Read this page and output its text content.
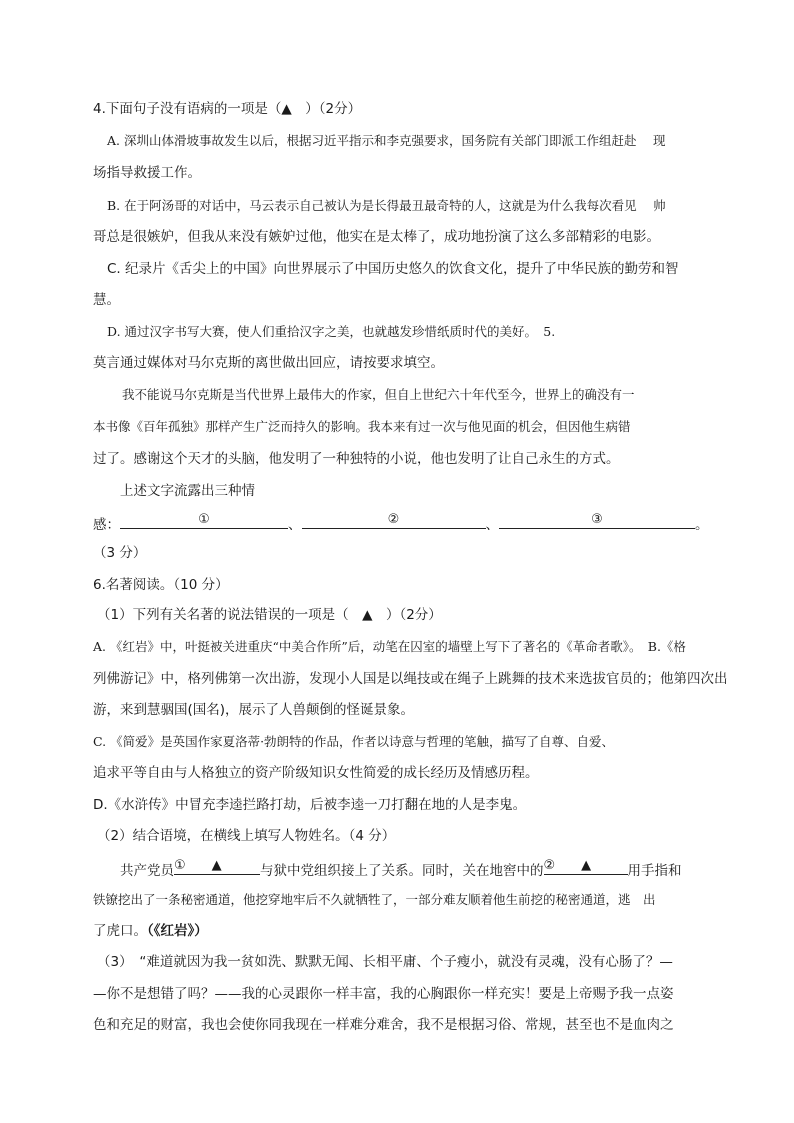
4.下面句子没有语病的一项是（▲　）（2分）
A. 深圳山体滑坡事故发生以后，根据习近平指示和李克强要求，国务院有关部门即派工作组赶赴　 现
场指导救援工作。
B. 在于阿汤哥的对话中，马云表示自己被认为是长得最丑最奇特的人，这就是为什么我每次看见　 帅
哥总是很嫉妒，但我从来没有嫉妒过他，他实在是太棒了，成功地扮演了这么多部精彩的电影。
C. 纪录片《舌尖上的中国》向世界展示了中国历史悠久的饮食文化，提升了中华民族的勤劳和智
慧。
D. 通过汉字书写大赛，使人们重拾汉字之美，也就越发珍惜纸质时代的美好。　5.
莫言通过媒体对马尔克斯的离世做出回应，请按要求填空。
我不能说马尔克斯是当代世界上最伟大的作家，但自上世纪六十年代至今，世界上的确没有一
本书像《百年孤独》那样产生广泛而持久的影响。我本来有过一次与他见面的机会，但因他生病错
过了。感谢这个天才的头脑，他发明了一种独特的小说，他也发明了让自己永生的方式。
上述文字流露出三种情
感：	①	、	②	、	③	。
（3 分）
6.名著阅读。（10 分）
（1）下列有关名著的说法错误的一项是（　▲　）（2分）
A. 《红岩》中，叶挺被关进重庆“中美合作所”后，动笔在囚室的墙壁上写下了著名的《革命者歌》。　B.《格
列佛游记》中，格列佛第一次出游，发现小人国是以绳技或在绳子上跳舞的技术来选拔官员的；他第四次出
游，来到慧骃国(国名)，展示了人兽颠倒的怪诞景象。
C. 《简爱》是英国作家夏洛蒂·勃朗特的作品，作者以诗意与哲理的笔触，描写了自尊、自爱、
追求平等自由与人格独立的资产阶级知识女性简爱的成长经历及情感历程。
D.《水浒传》中冒充李逵拦路打劫，后被李逵一刀打翻在地的人是李鬼。
（2）结合语境，在横线上填写人物姓名。（4 分）
共产党员 ①　　▲	与狱中党组织接上了关系。同时，关在地窖中的 ②　　▲	用手指和
铁镣挖出了一条秘密通道，他挖穿地牢后不久就牺牲了，一部分难友顺着他生前挖的秘密通道，逃　出
了虎口。（《红岩》）
（3）　“难道就因为我一贫如洗、默默无闻、长相平庸、个子瘦小，就没有灵魂，没有心肠了？—
—你不是想错了吗？——我的心灵跟你一样丰富，我的心胸跟你一样充实！要是上帝赐予我一点姿
色和充足的财富，我也会使你同我现在一样难分难舍，我不是根据习俗、常规，甚至也不是血肉之
